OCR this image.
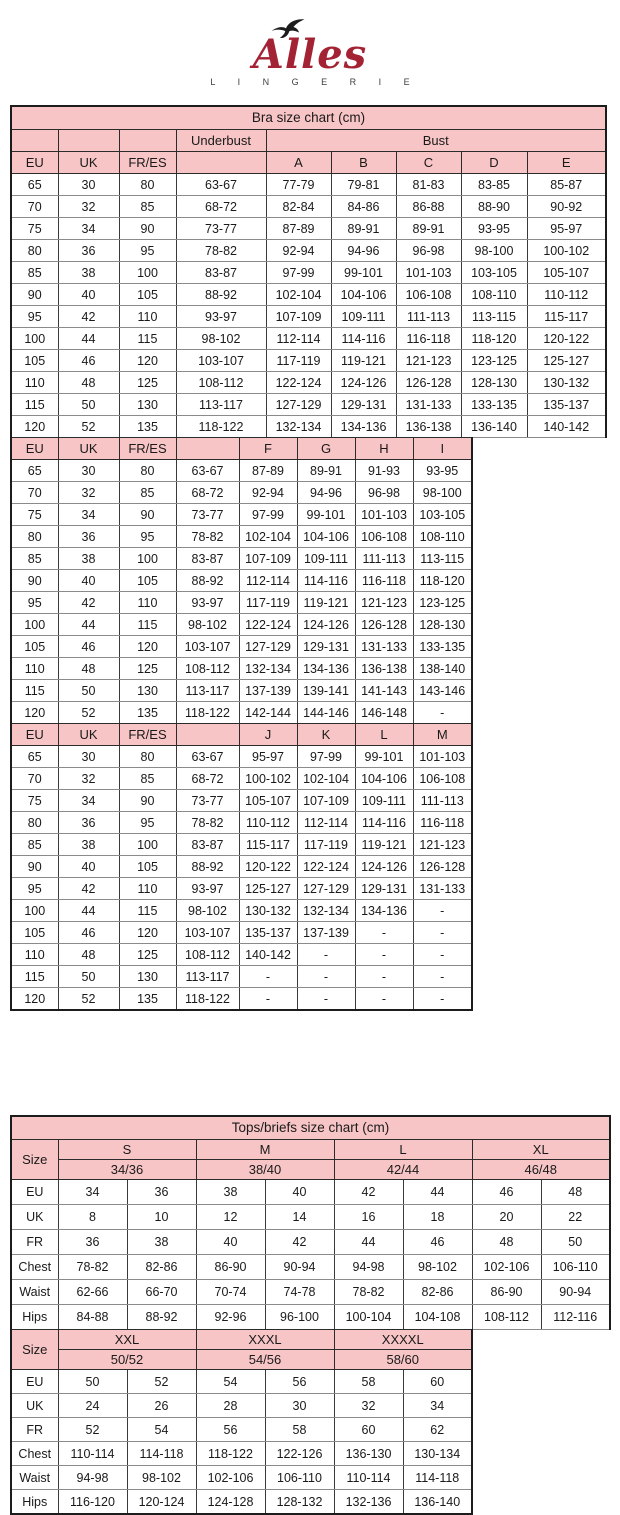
Alles
L I N G E R I E
Bra size chart (cm)								
			Underbust	Bust				
EU	UK	FR/ES		A	B	C	D	E
65	30	80	63-67	77-79	79-81	81-83	83-85	85-87
70	32	85	68-72	82-84	84-86	86-88	88-90	90-92
75	34	90	73-77	87-89	89-91	89-91	93-95	95-97
80	36	95	78-82	92-94	94-96	96-98	98-100	100-102
85	38	100	83-87	97-99	99-101	101-103	103-105	105-107
90	40	105	88-92	102-104	104-106	106-108	108-110	110-112
95	42	110	93-97	107-109	109-111	111-113	113-115	115-117
100	44	115	98-102	112-114	114-116	116-118	118-120	120-122
105	46	120	103-107	117-119	119-121	121-123	123-125	125-127
110	48	125	108-112	122-124	124-126	126-128	128-130	130-132
115	50	130	113-117	127-129	129-131	131-133	133-135	135-137
120	52	135	118-122	132-134	134-136	136-138	136-140	140-142
EU	UK	FR/ES		F	G	H	I
65	30	80	63-67	87-89	89-91	91-93	93-95
70	32	85	68-72	92-94	94-96	96-98	98-100
75	34	90	73-77	97-99	99-101	101-103	103-105
80	36	95	78-82	102-104	104-106	106-108	108-110
85	38	100	83-87	107-109	109-111	111-113	113-115
90	40	105	88-92	112-114	114-116	116-118	118-120
95	42	110	93-97	117-119	119-121	121-123	123-125
100	44	115	98-102	122-124	124-126	126-128	128-130
105	46	120	103-107	127-129	129-131	131-133	133-135
110	48	125	108-112	132-134	134-136	136-138	138-140
115	50	130	113-117	137-139	139-141	141-143	143-146
120	52	135	118-122	142-144	144-146	146-148	-
EU	UK	FR/ES		J	K	L	M
65	30	80	63-67	95-97	97-99	99-101	101-103
70	32	85	68-72	100-102	102-104	104-106	106-108
75	34	90	73-77	105-107	107-109	109-111	111-113
80	36	95	78-82	110-112	112-114	114-116	116-118
85	38	100	83-87	115-117	117-119	119-121	121-123
90	40	105	88-92	120-122	122-124	124-126	126-128
95	42	110	93-97	125-127	127-129	129-131	131-133
100	44	115	98-102	130-132	132-134	134-136	-
105	46	120	103-107	135-137	137-139	-	-
110	48	125	108-112	140-142	-	-	-
115	50	130	113-117	-	-	-	-
120	52	135	118-122	-	-	-	-
Tops/briefs size chart (cm)								
Size	S		M		L		XL	
	34/36		38/40		42/44		46/48	
EU	34	36	38	40	42	44	46	48
UK	8	10	12	14	16	18	20	22
FR	36	38	40	42	44	46	48	50
Chest	78-82	82-86	86-90	90-94	94-98	98-102	102-106	106-110
Waist	62-66	66-70	70-74	74-78	78-82	82-86	86-90	90-94
Hips	84-88	88-92	92-96	96-100	100-104	104-108	108-112	112-116
Size	XXL		XXXL		XXXXL	
	50/52		54/56		58/60	
EU	50	52	54	56	58	60
UK	24	26	28	30	32	34
FR	52	54	56	58	60	62
Chest	110-114	114-118	118-122	122-126	136-130	130-134
Waist	94-98	98-102	102-106	106-110	110-114	114-118
Hips	116-120	120-124	124-128	128-132	132-136	136-140
